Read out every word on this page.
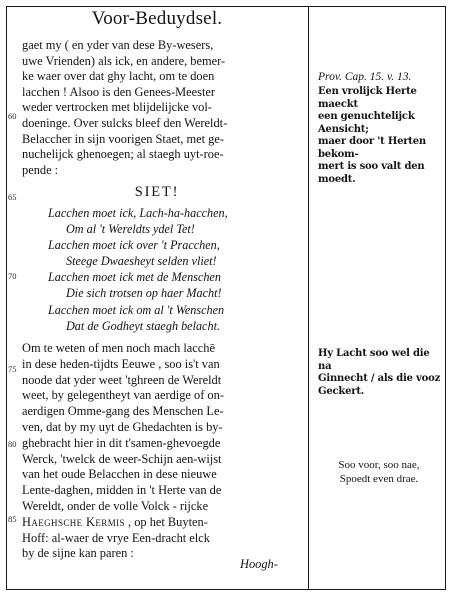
Voor-Beduydsel.
60
65
70
75
80
85
gaet my ( en yder van dese By-wesers,
uwe Vrienden) als ick, en andere, bemer-
ke waer over dat ghy lacht, om te doen
lacchen ! Alsoo is den Genees-Meester
weder vertrocken met blijdelijcke vol-
doeninge. Over sulcks bleef den Wereldt-
Belaccher in sijn voorigen Staet, met ge-
nuchelijck ghenoegen; al staegh uyt-roe-
pende :
SIET!
Lacchen moet ick, Lach-ha-hacchen,
Om al 't Wereldts ydel Tet!
Lacchen moet ick over 't Pracchen,
Steege Dwaesheyt selden vliet!
Lacchen moet ick met de Menschen
Die sich trotsen op haer Macht!
Lacchen moet ick om al 't Wenschen
Dat de Godheyt staegh belacht.
Om te weten of men noch mach lacchē
in dese heden-tijdts Eeuwe , soo is't van
noode dat yder weet 'tghreen de Wereldt
weet, by gelegentheyt van aerdige of on-
aerdigen Omme-gang des Menschen Le-
ven, dat by my uyt de Ghedachten is by-
ghebracht hier in dit t'samen-ghevoegde
Werck, 'twelck de weer-Schijn aen-wijst
van het oude Belacchen in dese nieuwe
Lente-daghen, midden in 't Herte van de
Wereldt, onder de volle Volck - rijcke
Haeghsche Kermis , op het Buyten-
Hoff: al-waer de vrye Een-dracht elck
by de sijne kan paren :
Hoogh-
Prov. Cap. 15. v. 13.
Een vrolijck Herte maeckt
een genuchtelijck Aensicht;
maer door 't Herten bekom-
mert is soo valt den
moedt.
Hy Lacht soo wel die na
Ginnecht / als die vooz
Geckert.
Soo voor, soo nae,
Spoedt even drae.
